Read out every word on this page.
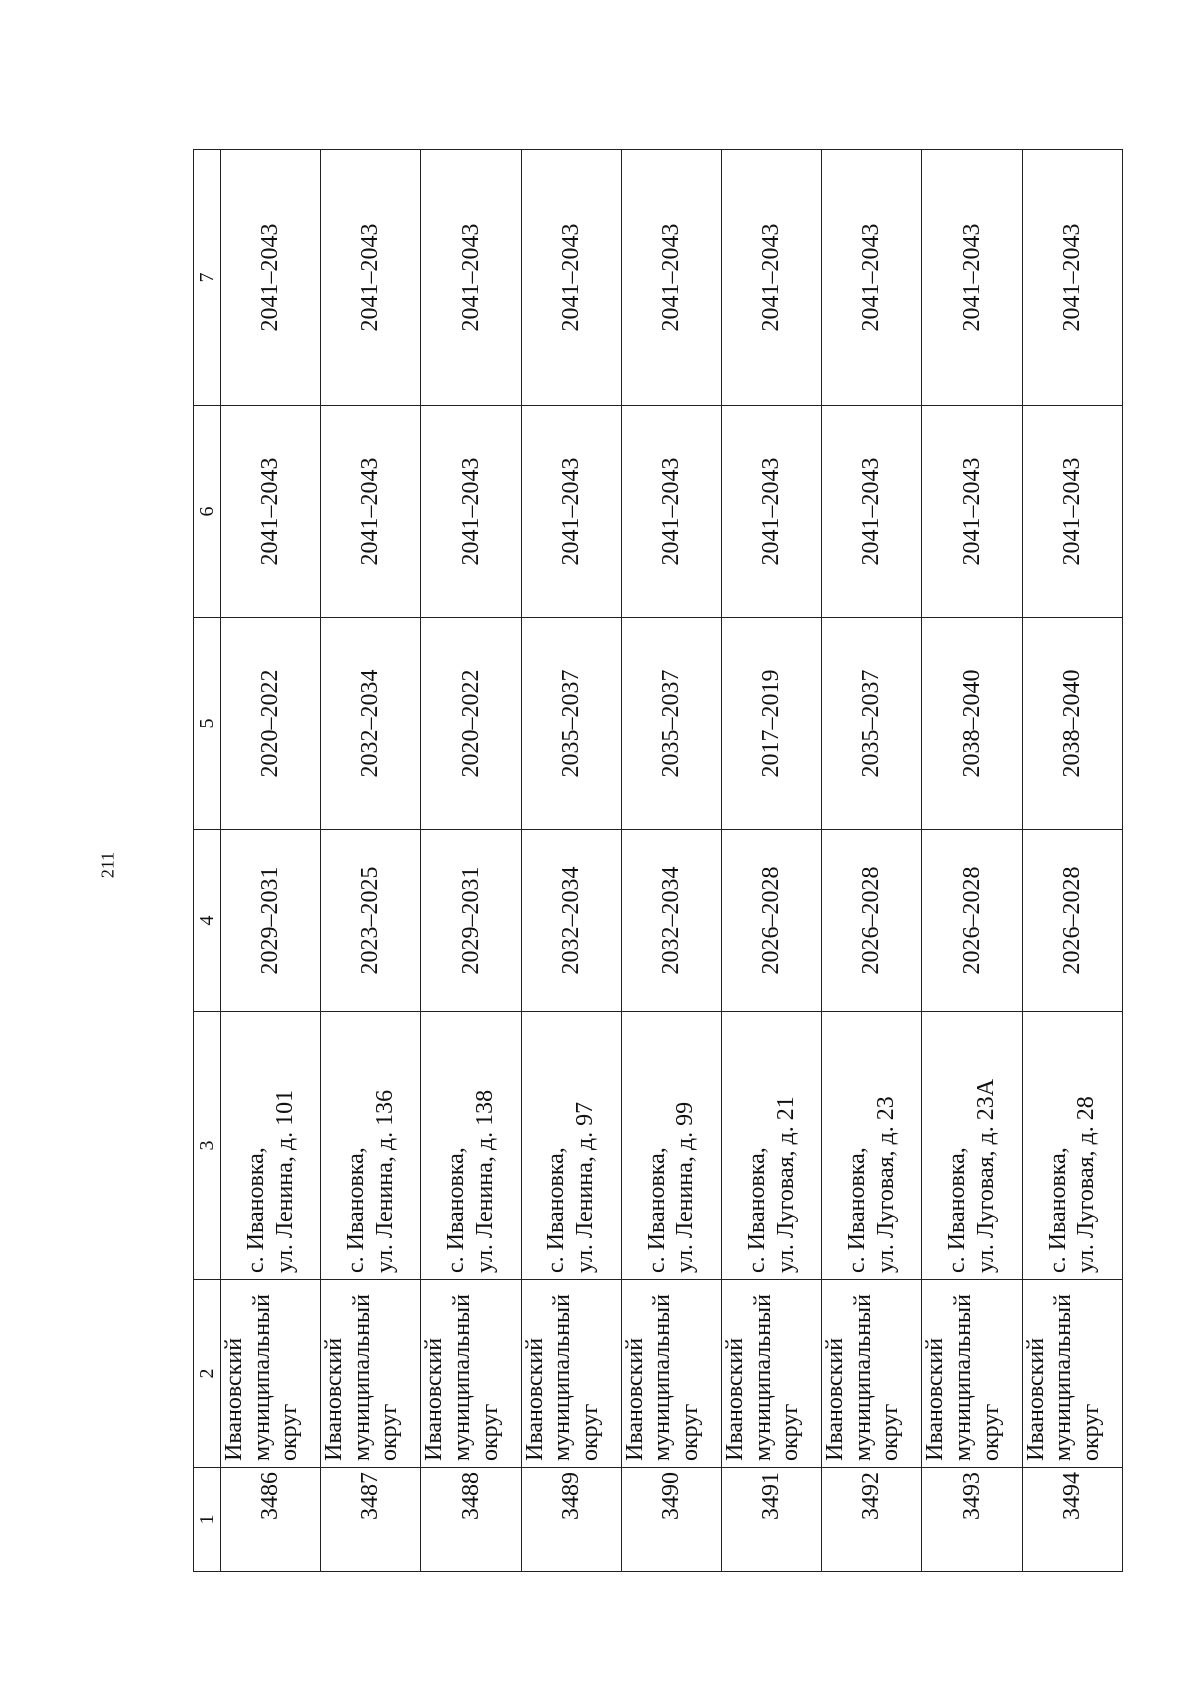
211
1	2	3	4	5	6	7
3486	Ивановский муниципальный округ	с. Ивановка, ул. Ленина, д. 101	2029–2031	2020–2022	2041–2043	2041–2043
3487	Ивановский муниципальный округ	с. Ивановка, ул. Ленина, д. 136	2023–2025	2032–2034	2041–2043	2041–2043
3488	Ивановский муниципальный округ	с. Ивановка, ул. Ленина, д. 138	2029–2031	2020–2022	2041–2043	2041–2043
3489	Ивановский муниципальный округ	с. Ивановка, ул. Ленина, д. 97	2032–2034	2035–2037	2041–2043	2041–2043
3490	Ивановский муниципальный округ	с. Ивановка, ул. Ленина, д. 99	2032–2034	2035–2037	2041–2043	2041–2043
3491	Ивановский муниципальный округ	с. Ивановка, ул. Луговая, д. 21	2026–2028	2017–2019	2041–2043	2041–2043
3492	Ивановский муниципальный округ	с. Ивановка, ул. Луговая, д. 23	2026–2028	2035–2037	2041–2043	2041–2043
3493	Ивановский муниципальный округ	с. Ивановка, ул. Луговая, д. 23А	2026–2028	2038–2040	2041–2043	2041–2043
3494	Ивановский муниципальный округ	с. Ивановка, ул. Луговая, д. 28	2026–2028	2038–2040	2041–2043	2041–2043
